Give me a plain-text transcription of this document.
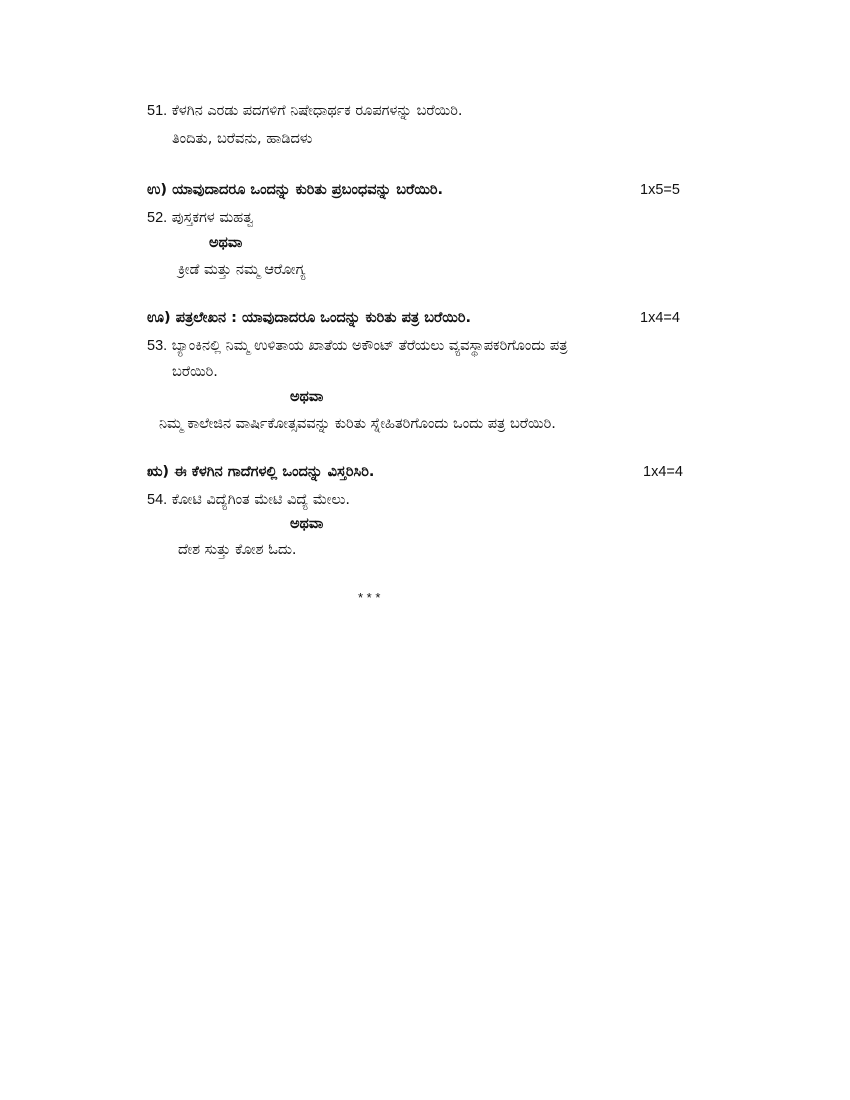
51. ಕೆಳಗಿನ ಎರಡು ಪದಗಳಿಗೆ ನಿಷೇಧಾರ್ಥಕ ರೂಪಗಳನ್ನು ಬರೆಯಿರಿ.
ತಿಂದಿತು, ಬರೆವನು, ಹಾಡಿದಳು
ಉ) ಯಾವುದಾದರೂ ಒಂದನ್ನು ಕುರಿತು ಪ್ರಬಂಧವನ್ನು ಬರೆಯಿರಿ.	1x5=5
52. ಪುಸ್ತಕಗಳ ಮಹತ್ವ
ಅಥವಾ
ಕ್ರೀಡೆ ಮತ್ತು ನಮ್ಮ ಆರೋಗ್ಯ
ಊ) ಪತ್ರಲೇಖನ : ಯಾವುದಾದರೂ ಒಂದನ್ನು ಕುರಿತು ಪತ್ರ ಬರೆಯಿರಿ.	1x4=4
53. ಬ್ಯಾಂಕಿನಲ್ಲಿ ನಿಮ್ಮ ಉಳಿತಾಯ ಖಾತೆಯ ಅಕೌಂಟ್ ತೆರೆಯಲು ವ್ಯವಸ್ಥಾಪಕರಿಗೊಂದು ಪತ್ರ
ಬರೆಯಿರಿ.
ಅಥವಾ
ನಿಮ್ಮ ಕಾಲೇಜಿನ ವಾರ್ಷಿಕೋತ್ಸವವನ್ನು ಕುರಿತು ಸ್ನೇಹಿತರಿಗೊಂದು ಒಂದು ಪತ್ರ ಬರೆಯಿರಿ.
ಋ) ಈ ಕೆಳಗಿನ ಗಾದೆಗಳಲ್ಲಿ ಒಂದನ್ನು ವಿಸ್ತರಿಸಿರಿ.	1x4=4
54. ಕೋಟಿ ವಿದ್ಯೆಗಿಂತ ಮೇಟಿ ವಿದ್ಯೆ ಮೇಲು.
ಅಥವಾ
ದೇಶ ಸುತ್ತು ಕೋಶ ಓದು.
* * *
